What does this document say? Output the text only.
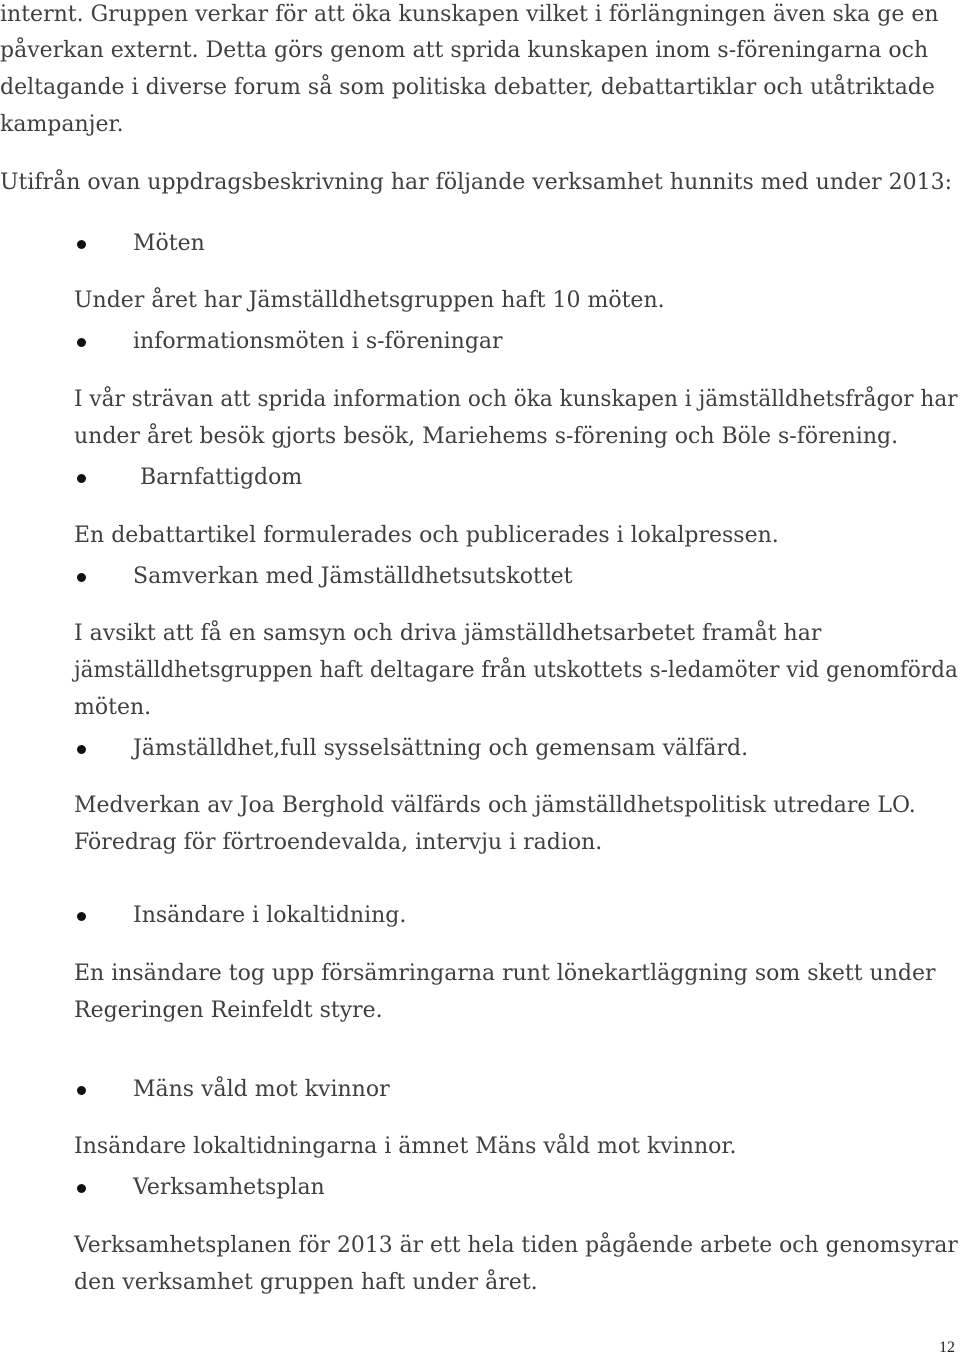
internt. Gruppen verkar för att öka kunskapen vilket i förlängningen även ska ge en
påverkan externt. Detta görs genom att sprida kunskapen inom s-föreningarna och
deltagande i diverse forum så som politiska debatter, debattartiklar och utåtriktade
kampanjer.
Utifrån ovan uppdragsbeskrivning har följande verksamhet hunnits med under 2013:
Möten
Under året har Jämställdhetsgruppen haft 10 möten.
informationsmöten i s-föreningar
I vår strävan att sprida information och öka kunskapen i jämställdhetsfrågor har
under året besök gjorts besök, Mariehems s-förening och Böle s-förening.
Barnfattigdom
En debattartikel formulerades och publicerades i lokalpressen.
Samverkan med Jämställdhetsutskottet
I avsikt att få en samsyn och driva jämställdhetsarbetet framåt har
jämställdhetsgruppen haft deltagare från utskottets s-ledamöter vid genomförda
möten.
Jämställdhet,full sysselsättning och gemensam välfärd.
Medverkan av Joa Berghold välfärds och jämställdhetspolitisk utredare LO.
Föredrag för förtroendevalda, intervju i radion.
Insändare i lokaltidning.
En insändare tog upp försämringarna runt lönekartläggning som skett under
Regeringen Reinfeldt styre.
Mäns våld mot kvinnor
Insändare lokaltidningarna i ämnet Mäns våld mot kvinnor.
Verksamhetsplan
Verksamhetsplanen för 2013 är ett hela tiden pågående arbete och genomsyrar
den verksamhet gruppen haft under året.
12
